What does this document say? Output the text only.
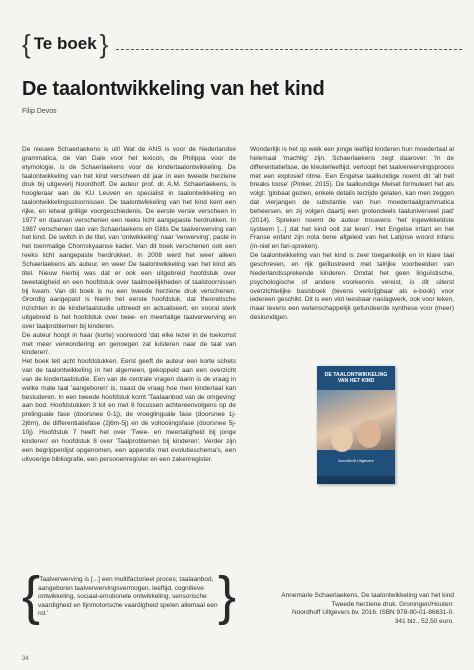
{ Te boek }
De taalontwikkeling van het kind
Filip Devos

De nieuwe Schaerlaekens is uit! Wat de ANS is voor de Nederlandse grammatica, de Van Dale voor het lexicon, de Philippa voor de etymologie, is de Schaerlaekens voor de kindertaalontwikkeling. De taalontwikkeling van het kind verscheen dit jaar in een tweede herziene druk bij uitgeverij Noordhoff. De auteur prof. dr. A.M. Schaerlaekens, is hoogleraar aan de KU Leuven en specialist in taalontwikkeling en taalontwikkelingsstoornissen. De taalontwikkeling van het kind kent een rijke, en ietwat grillige voorgeschiedenis. De eerste versie verscheen in 1977 en daarvan verschenen een reeks licht aangepaste herdrukken. In 1987 verschenen dan van Schaerlaekens en Gillis De taalverwerving van het kind. De switch in de titel, van 'ontwikkeling' naar 'verwerving', paste in het toenmalige Chomskyaanse kader. Van dit boek verschenen ook een reeks licht aangepaste herdrukken. In 2008 werd het weer alleen Schaerlaekens als auteur, en weer De taalontwikkeling van het kind als titel. Nieuw hierbij was dat er ook een uitgebreid hoofdstuk over tweetaligheid en een hoofdstuk over taalmoeilijkheden of taalstoornissen bij kwam. Van dit boek is nu een tweede herziene druk verschenen. Grondig aangepast is hierin het eerste hoofdstuk, dat theoretische inzichten in de kindertaalstudie uittreedt en actualiseert, en vooral sterk uitgebreid is het hoofdstuk over twee- en meertalige taalverwerving en over taalproblemen bij kinderen.

De auteur hoopt in haar (korte) voorwoord 'dat elke lezer in de toekomst met meer verwondering en genoegen zal luisteren naar de taal van kinderen'.

Het boek telt acht hoofdstukken. Eerst geeft de auteur een korte schets van de taalontwikkeling in het algemeen, gekoppeld aan een overzicht van de kindertaalstudie. Een van de centrale vragen daarin is de vraag in welke mate taal 'aangeboren' is, naast de vraag hoe men kindertaal kan bestuderen. In een tweede hoofdstuk komt 'Taalaanbod van de omgeving' aan bod. Hoofdstukken 3 tot en met 6 focussen achtereenvolgens op de prelinguale fase (doorsnee 0-1j), de vroeglinguale fase (doorsnee 1j-2j6m), de differentiatiefase (2j6m-5j) en de voltooiingsfase (doorsnee 5j-10j). Hoofdstuk 7 heeft het over 'Twee- en meertaligheid bij jonge kinderen' en hoofdstuk 8 over 'Taalproblemen bij kinderen'. Verder zijn een begrippenlijst opgenomen, een appendix met evolutieschema's, een uitvoerige bibliografie, een personenregister en een zakenregister.

Wonderlijk is het op welk een jonge leeftijd kinderen hun moedertaal al helemaal 'machtig' zijn. Schaerlaekens zegt daarover: 'In de differentiatiefase, de kleuterleeftijd, verloopt het taalverwervingsproces met een explosief ritme. Een Engelse taalkundige noemt dit 'all hell breaks loose' (Pinker, 2015). De taalkundige Meisel formuleert het als volgt: 'globaal gezien, enkele details terzijde gelaten, kan men zeggen dat vierjangen de substantie van hun moedertaalgrammatica beheersen, en zij volgen daartij een grotendeels taaluniverseel pad' (2014). Spreken noemt de auteur trouwens 'het ingewikkeldste systeem [...] dat het kind ooit zal leren'. Het Engelse infant en het Franse enfant zijn nota bene afgeleid van het Latijnse woord infans (in-niet en fari-spreken).

De taalontwikkeling van het kind is zeer toegankelijk en in klare taal geschreven, en rijk geïllustreerd met talrijke voorbeelden van Nederlandssprekende kinderen. Omdat het geen linguïstische, psychologische of andere voorkennis vereist, is dit uiterst overzichtelijke basisboek (tevens verkrijgbaar als e-book) voor iedereen geschikt. Dit is een vlot leesbaar naslagwerk, ook voor leken, maar tevens een wetenschappelijk gefundeerde synthese voor (meer) deskundigen.

{
'Taalverwerving is [...] een multifactorieel proces; taalaanbod, aangeboren taalverwervingsvermogen, leeftijd, cognitieve ontwikkeling, sociaal-emotionele ontwikkeling, sensorische vaardigheid en fijnmotorische vaardigheid spelen allemaal een rol.'	}
DE TAALONTWIKKELING VAN HET KIND
Noordhoff Uitgevers
Annemarie Schaerlaekens, De taalontwikkeling van het kind
Tweede herziene druk. Groningen/Houten:
Noordhoff Uitgevers bv. 2016. ISBN 978-90-01-86631-0.
341 blz., 52,50 euro.
34
